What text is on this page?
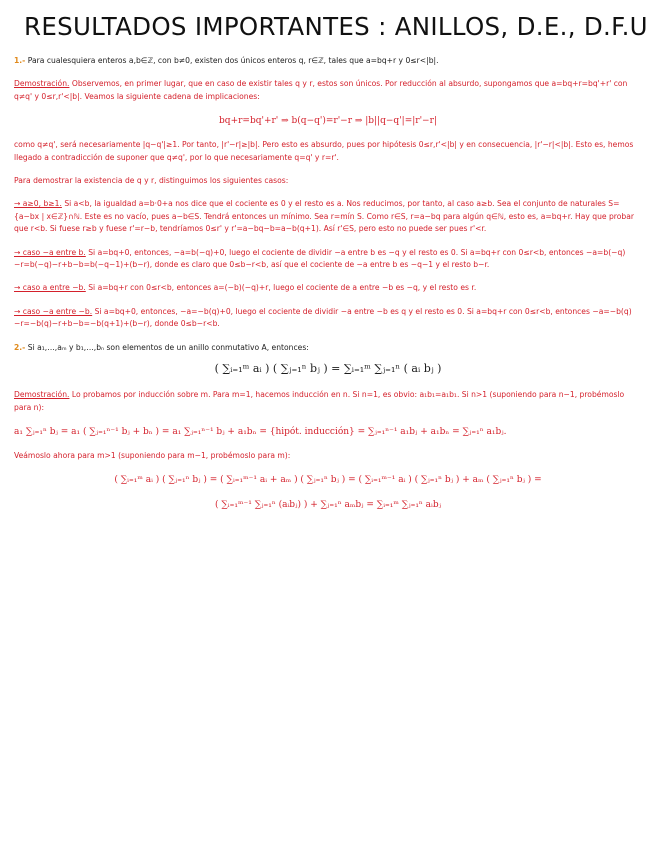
RESULTADOS IMPORTANTES : ANILLOS, D.E., D.F.U

1.- Para cualesquiera enteros a,b∈ℤ, con b≠0, existen dos únicos enteros q, r∈ℤ, tales que a=bq+r y 0≤r<|b|.

Demostración. Observemos, en primer lugar, que en caso de existir tales q y r, estos son únicos. Por reducción al absurdo, supongamos que a=bq+r=bq'+r' con q≠q' y 0≤r,r'<|b|. Veamos la siguiente cadena de implicaciones:

bq+r=bq'+r' ⇒ b(q−q')=r'−r ⇒ |b||q−q'|=|r'−r|
como q≠q', será necesariamente |q−q'|≥1. Por tanto, |r'−r|≥|b|. Pero esto es absurdo, pues por hipótesis 0≤r,r'<|b| y en consecuencia, |r'−r|<|b|. Esto es, hemos llegado a contradicción de suponer que q≠q', por lo que necesariamente q=q' y r=r'.
Para demostrar la existencia de q y r, distinguimos los siguientes casos:

→ a≥0, b≥1. Si a<b, la igualdad a=b·0+a nos dice que el cociente es 0 y el resto es a. Nos reducimos, por tanto, al caso a≥b. Sea el conjunto de naturales S={a−bx | x∈ℤ}∩ℕ. Este es no vacío, pues a−b∈S. Tendrá entonces un mínimo. Sea r=mín S. Como r∈S, r=a−bq para algún q∈ℕ, esto es, a=bq+r. Hay que probar que r<b. Si fuese r≥b y fuese r'=r−b, tendríamos 0≤r' y r'=a−bq−b=a−b(q+1). Así r'∈S, pero esto no puede ser pues r'<r.

→ caso −a entre b. Si a=bq+0, entonces, −a=b(−q)+0, luego el cociente de dividir −a entre b es −q y el resto es 0. Si a=bq+r con 0≤r<b, entonces −a=b(−q)−r=b(−q)−r+b−b=b(−q−1)+(b−r), donde es claro que 0≤b−r<b, así que el cociente de −a entre b es −q−1 y el resto b−r.

→ caso a entre −b. Si a=bq+r con 0≤r<b, entonces a=(−b)(−q)+r, luego el cociente de a entre −b es −q, y el resto es r.

→ caso −a entre −b. Si a=bq+0, entonces, −a=−b(q)+0, luego el cociente de dividir −a entre −b es q y el resto es 0. Si a=bq+r con 0≤r<b, entonces −a=−b(q)−r=−b(q)−r+b−b=−b(q+1)+(b−r), donde 0≤b−r<b.

2.- Si a₁,…,aₘ y b₁,…,bₙ son elementos de un anillo conmutativo A, entonces:

( ∑ᵢ₌₁ᵐ aᵢ ) ( ∑ⱼ₌₁ⁿ bⱼ ) = ∑ᵢ₌₁ᵐ ∑ⱼ₌₁ⁿ ( aᵢ bⱼ )

Demostración. Lo probamos por inducción sobre m. Para m=1, hacemos inducción en n. Si n=1, es obvio: a₁b₁=a₁b₁. Si n>1 (suponiendo para n−1, probémoslo para n):

a₁ ∑ⱼ₌₁ⁿ bⱼ = a₁ ( ∑ⱼ₌₁ⁿ⁻¹ bⱼ + bₙ ) = a₁ ∑ⱼ₌₁ⁿ⁻¹ bⱼ + a₁bₙ = {hipót. inducción} = ∑ⱼ₌₁ⁿ⁻¹ a₁bⱼ + a₁bₙ = ∑ⱼ₌₁ⁿ a₁bⱼ.
Veámoslo ahora para m>1 (suponiendo para m−1, probémoslo para m):
( ∑ᵢ₌₁ᵐ aᵢ ) ( ∑ⱼ₌₁ⁿ bⱼ ) = ( ∑ᵢ₌₁ᵐ⁻¹ aᵢ + aₘ ) ( ∑ⱼ₌₁ⁿ bⱼ ) = ( ∑ᵢ₌₁ᵐ⁻¹ aᵢ ) ( ∑ⱼ₌₁ⁿ bⱼ ) + aₘ ( ∑ⱼ₌₁ⁿ bⱼ ) =
( ∑ᵢ₌₁ᵐ⁻¹ ∑ⱼ₌₁ⁿ (aᵢbⱼ) ) + ∑ⱼ₌₁ⁿ aₘbⱼ = ∑ᵢ₌₁ᵐ ∑ⱼ₌₁ⁿ aᵢbⱼ
